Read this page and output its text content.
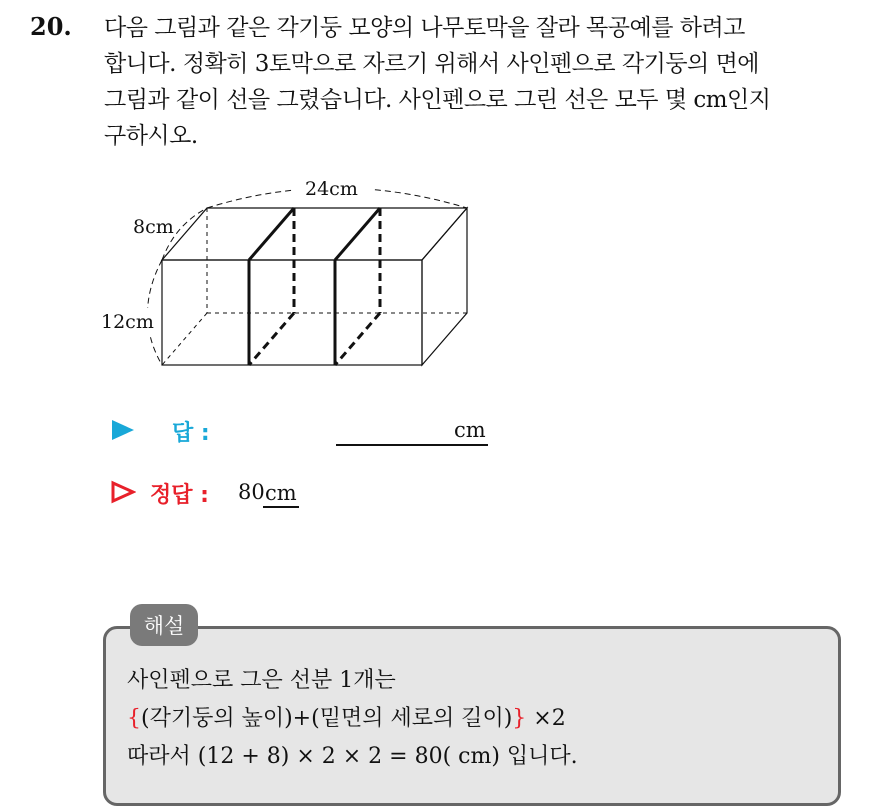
20. 다음 그림과 같은 각기둥 모양의 나무토막을 잘라 목공예를 하려고
합니다. 정확히 3토막으로 자르기 위해서 사인펜으로 각기둥의 면에
그림과 같이 선을 그렸습니다. 사인펜으로 그린 선은 모두 몇 cm인지
구하시오.
24cm
8cm
12cm
답 :	cm
정답 : 80 cm
해설
사인펜으로 그은 선분 1개는
{(각기둥의 높이)+(밑면의 세로의 길이)} ×2
따라서 (12 + 8) × 2 × 2 = 80( cm) 입니다.
